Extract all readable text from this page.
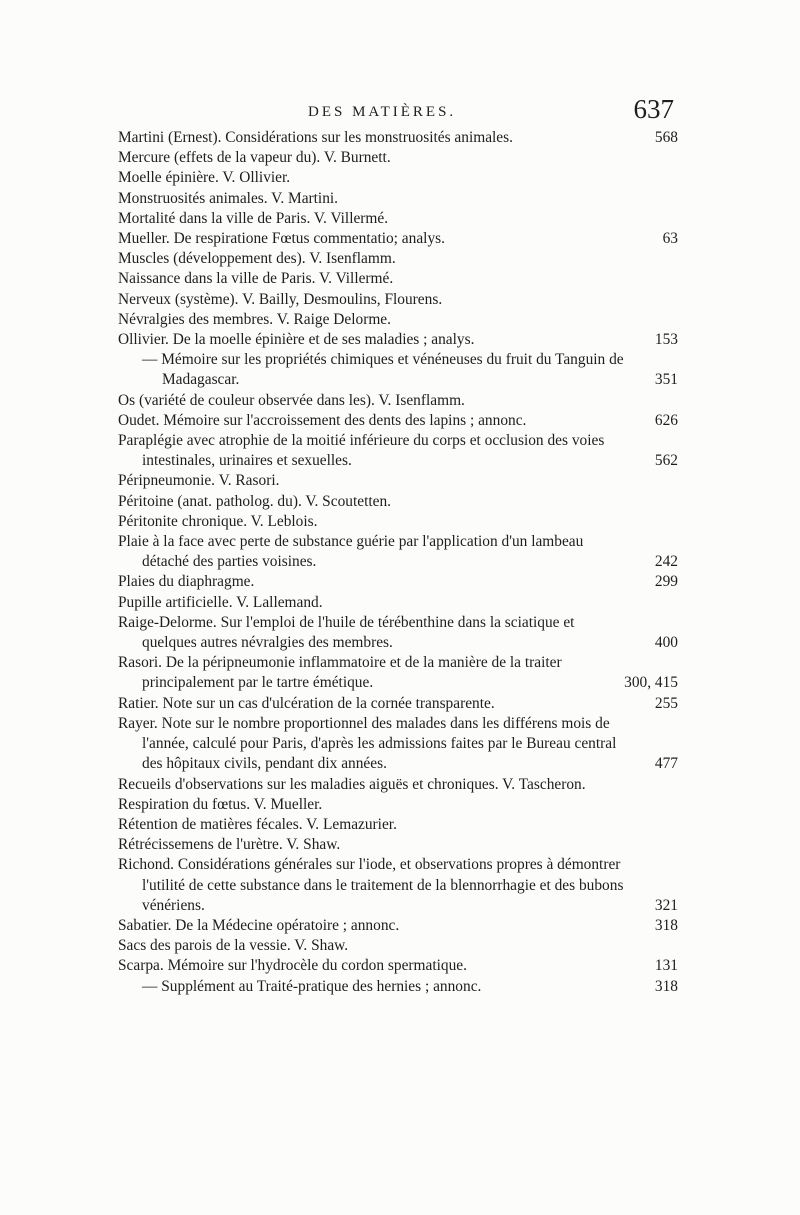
DES MATIÈRES.	637
Martini (Ernest). Considérations sur les monstruosités animales.	568
Mercure (effets de la vapeur du). V. Burnett.
Moelle épinière. V. Ollivier.
Monstruosités animales. V. Martini.
Mortalité dans la ville de Paris. V. Villermé.
Mueller. De respiratione Fœtus commentatio; analys.	63
Muscles (développement des). V. Isenflamm.
Naissance dans la ville de Paris. V. Villermé.
Nerveux (système). V. Bailly, Desmoulins, Flourens.
Névralgies des membres. V. Raige Delorme.
Ollivier. De la moelle épinière et de ses maladies ; analys.	153
— Mémoire sur les propriétés chimiques et vénéneuses du fruit du Tanguin de Madagascar.	351
Os (variété de couleur observée dans les). V. Isenflamm.
Oudet. Mémoire sur l'accroissement des dents des lapins ; annonc.	626
Paraplégie avec atrophie de la moitié inférieure du corps et occlusion des voies intestinales, urinaires et sexuelles.	562
Péripneumonie. V. Rasori.
Péritoine (anat. patholog. du). V. Scoutetten.
Péritonite chronique. V. Leblois.
Plaie à la face avec perte de substance guérie par l'application d'un lambeau détaché des parties voisines.	242
Plaies du diaphragme.	299
Pupille artificielle. V. Lallemand.
Raige-Delorme. Sur l'emploi de l'huile de térébenthine dans la sciatique et quelques autres névralgies des membres.	400
Rasori. De la péripneumonie inflammatoire et de la manière de la traiter principalement par le tartre émétique.	300, 415
Ratier. Note sur un cas d'ulcération de la cornée transparente.	255
Rayer. Note sur le nombre proportionnel des malades dans les différens mois de l'année, calculé pour Paris, d'après les admissions faites par le Bureau central des hôpitaux civils, pendant dix années.	477
Recueils d'observations sur les maladies aiguës et chroniques. V. Tascheron.
Respiration du fœtus. V. Mueller.
Rétention de matières fécales. V. Lemazurier.
Rétrécissemens de l'urètre. V. Shaw.
Richond. Considérations générales sur l'iode, et observations propres à démontrer l'utilité de cette substance dans le traitement de la blennorrhagie et des bubons vénériens.	321
Sabatier. De la Médecine opératoire ; annonc.	318
Sacs des parois de la vessie. V. Shaw.
Scarpa. Mémoire sur l'hydrocèle du cordon spermatique.	131
— Supplément au Traité-pratique des hernies ; annonc.	318
